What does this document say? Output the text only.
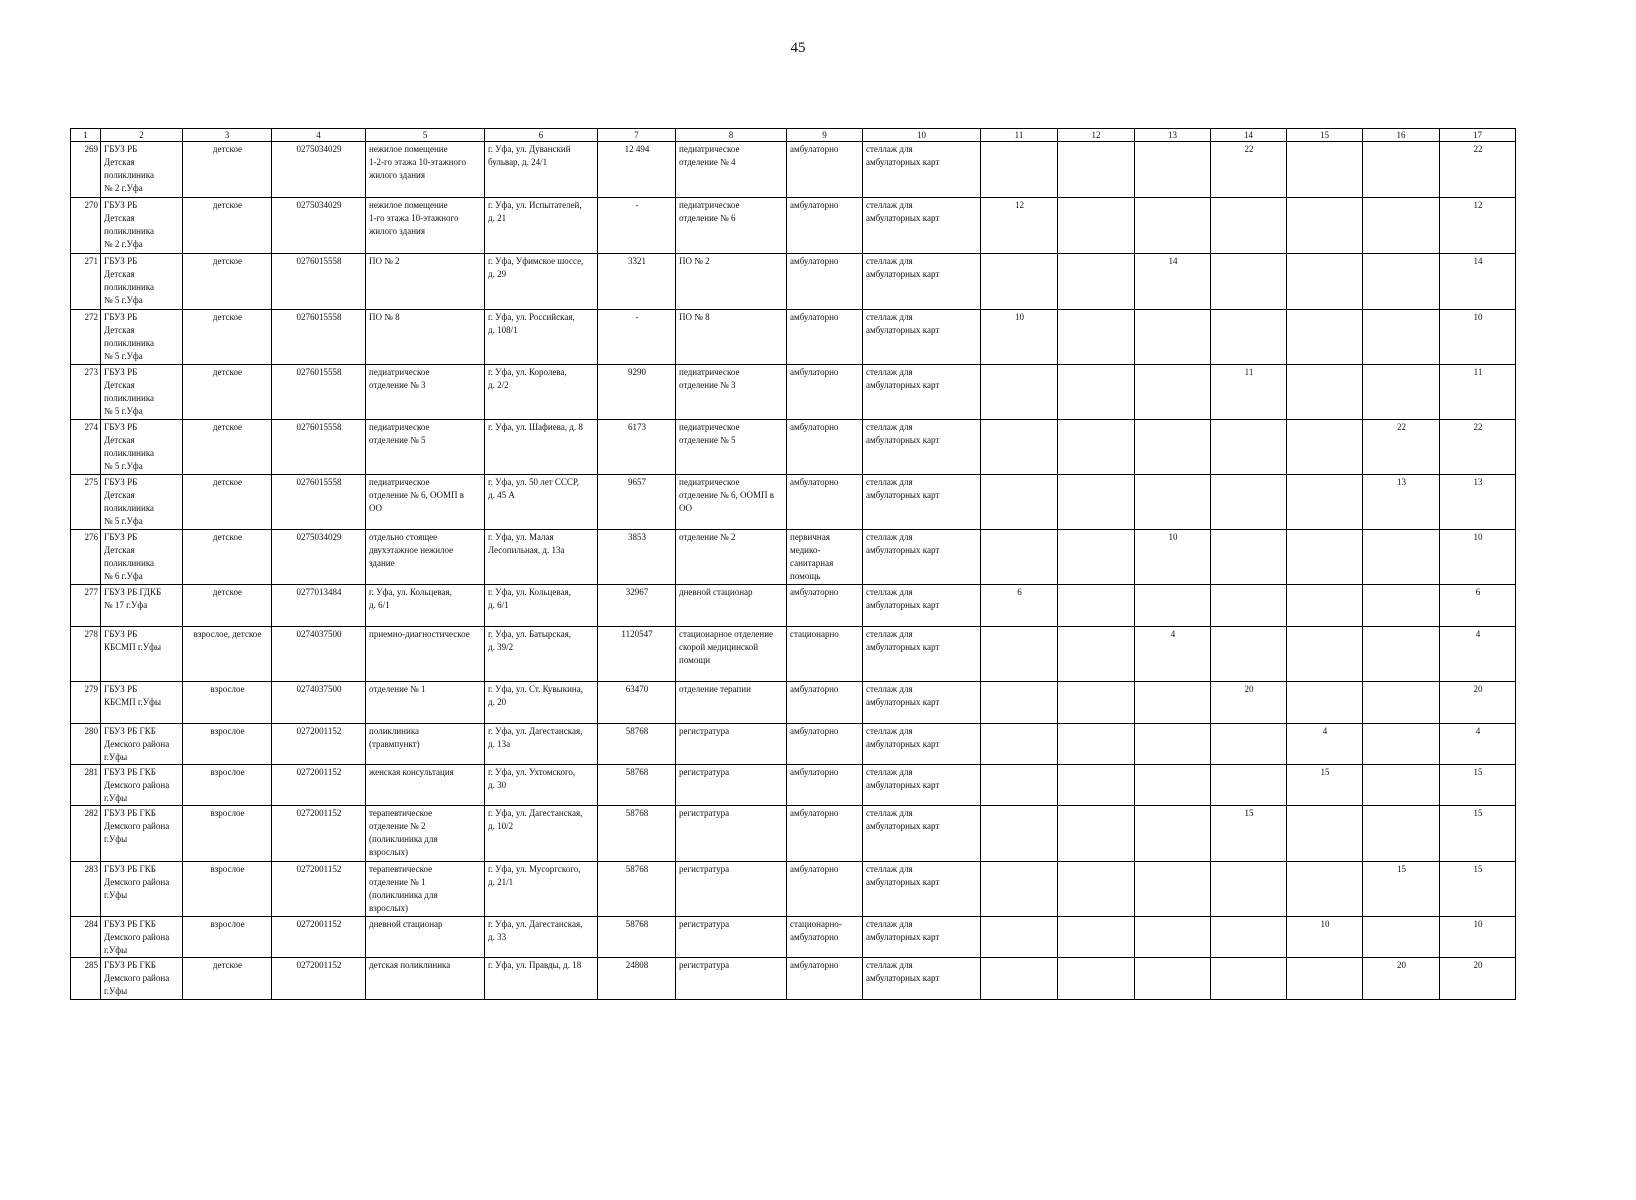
45
1	2	3	4	5	6	7	8	9	10	11	12	13	14	15	16	17
269	ГБУЗ РБ
Детская
поликлиника
№ 2 г.Уфа	детское	0275034029	нежилое помещение
1-2-го этажа 10-этажного
жилого здания	г. Уфа, ул. Дуванский
бульвар, д. 24/1	12 494	педиатрическое
отделение № 4	амбулаторно	стеллаж для
амбулаторных карт				22			22
270	ГБУЗ РБ
Детская
поликлиника
№ 2 г.Уфа	детское	0275034029	нежилое помещение
1-го этажа 10-этажного
жилого здания	г. Уфа, ул. Испытателей,
д. 21	-	педиатрическое
отделение № 6	амбулаторно	стеллаж для
амбулаторных карт	12						12
271	ГБУЗ РБ
Детская
поликлиника
№ 5 г.Уфа	детское	0276015558	ПО № 2	г. Уфа, Уфимское шоссе,
д. 29	3321	ПО № 2	амбулаторно	стеллаж для
амбулаторных карт			14				14
272	ГБУЗ РБ
Детская
поликлиника
№ 5 г.Уфа	детское	0276015558	ПО № 8	г. Уфа, ул. Российская,
д. 108/1	-	ПО № 8	амбулаторно	стеллаж для
амбулаторных карт	10						10
273	ГБУЗ РБ
Детская
поликлиника
№ 5 г.Уфа	детское	0276015558	педиатрическое
отделение № 3	г. Уфа, ул. Королева,
д. 2/2	9290	педиатрическое
отделение № 3	амбулаторно	стеллаж для
амбулаторных карт				11			11
274	ГБУЗ РБ
Детская
поликлиника
№ 5 г.Уфа	детское	0276015558	педиатрическое
отделение № 5	г. Уфа, ул. Шафиева, д. 8	6173	педиатрическое
отделение № 5	амбулаторно	стеллаж для
амбулаторных карт						22	22
275	ГБУЗ РБ
Детская
поликлиника
№ 5 г.Уфа	детское	0276015558	педиатрическое
отделение № 6, ООМП в
ОО	г. Уфа, ул. 50 лет СССР,
д. 45 А	9657	педиатрическое
отделение № 6, ООМП в
ОО	амбулаторно	стеллаж для
амбулаторных карт						13	13
276	ГБУЗ РБ
Детская
поликлиника
№ 6 г.Уфа	детское	0275034029	отдельно стоящее
двухэтажное нежилое
здание	г. Уфа, ул. Малая
Лесопильная, д. 13а	3853	отделение № 2	первичная
медико-
санитарная
помощь	стеллаж для
амбулаторных карт			10				10
277	ГБУЗ РБ ГДКБ
№ 17 г.Уфа	детское	0277013484	г. Уфа, ул. Кольцевая,
д. 6/1	г. Уфа, ул. Кольцевая,
д. 6/1	32967	дневной стационар	амбулаторно	стеллаж для
амбулаторных карт	6						6
278	ГБУЗ РБ
КБСМП г.Уфы	взрослое, детское	0274037500	приемно-диагностическое	г. Уфа, ул. Батырская,
д. 39/2	1120547	стационарное отделение
скорой медицинской
помощи	стационарно	стеллаж для
амбулаторных карт			4				4
279	ГБУЗ РБ
КБСМП г.Уфы	взрослое	0274037500	отделение № 1	г. Уфа, ул. Ст. Кувыкина,
д. 20	63470	отделение терапии	амбулаторно	стеллаж для
амбулаторных карт				20			20
280	ГБУЗ РБ ГКБ
Демского района
г.Уфы	взрослое	0272001152	поликлиника
(травмпункт)	г. Уфа, ул. Дагестанская,
д. 13а	58768	регистратура	амбулаторно	стеллаж для
амбулаторных карт					4		4
281	ГБУЗ РБ ГКБ
Демского района
г.Уфы	взрослое	0272001152	женская консультация	г. Уфа, ул. Ухтомского,
д. 30	58768	регистратура	амбулаторно	стеллаж для
амбулаторных карт					15		15
282	ГБУЗ РБ ГКБ
Демского района
г.Уфы	взрослое	0272001152	терапевтическое
отделение № 2
(поликлиника для
взрослых)	г. Уфа, ул. Дагестанская,
д. 10/2	58768	регистратура	амбулаторно	стеллаж для
амбулаторных карт				15			15
283	ГБУЗ РБ ГКБ
Демского района
г.Уфы	взрослое	0272001152	терапевтическое
отделение № 1
(поликлиника для
взрослых)	г. Уфа, ул. Мусоргского,
д. 21/1	58768	регистратура	амбулаторно	стеллаж для
амбулаторных карт						15	15
284	ГБУЗ РБ ГКБ
Демского района
г.Уфы	взрослое	0272001152	дневной стационар	г. Уфа, ул. Дагестанская,
д. 33	58768	регистратура	стационарно-
амбулаторно	стеллаж для
амбулаторных карт					10		10
285	ГБУЗ РБ ГКБ
Демского района
г.Уфы	детское	0272001152	детская поликлиника	г. Уфа, ул. Правды, д. 18	24808	регистратура	амбулаторно	стеллаж для
амбулаторных карт						20	20
